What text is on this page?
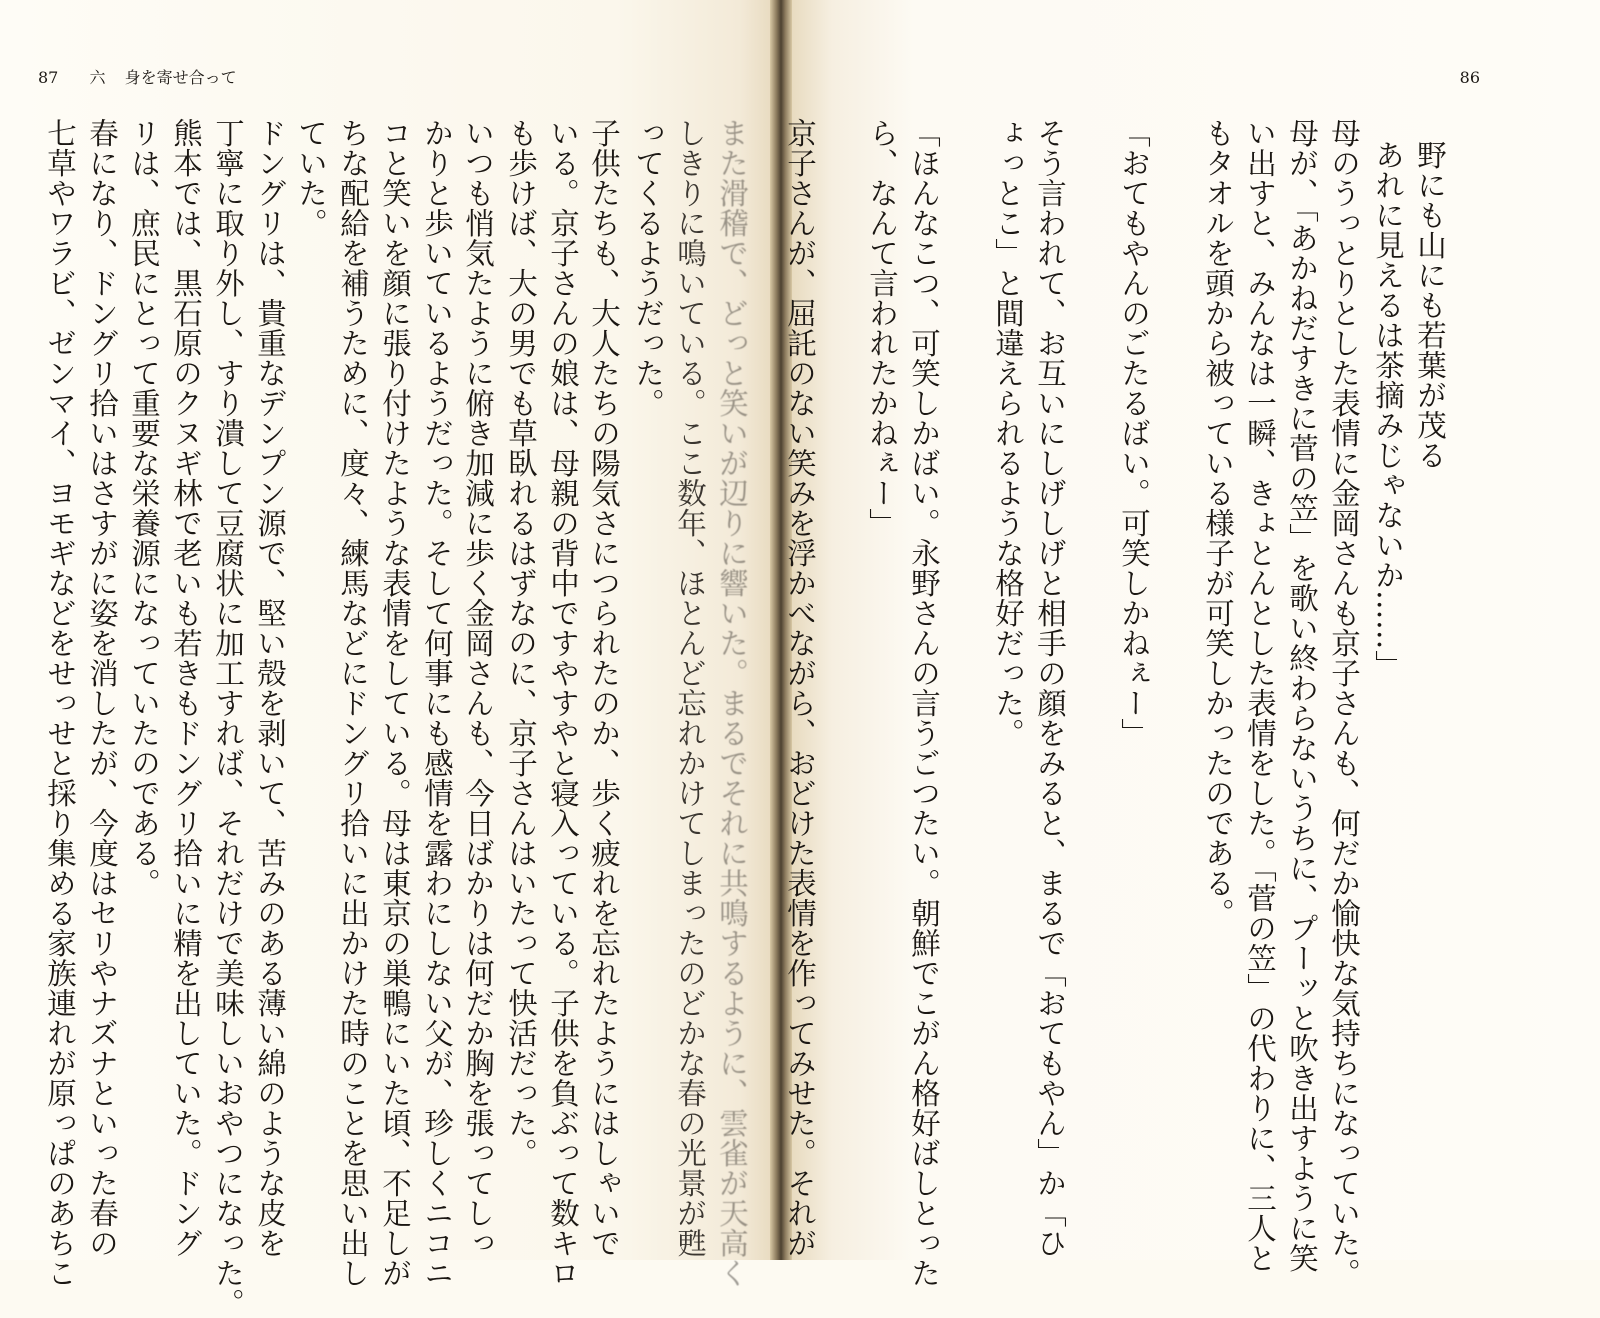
87 六 身を寄せ合って
また滑稽で、どっと笑いが辺りに響いた。まるでそれに共鳴するように、雲雀が天高く
しきりに鳴いている。ここ数年、ほとんど忘れかけてしまったのどかな春の光景が甦
ってくるようだった。
子供たちも、大人たちの陽気さにつられたのか、歩く疲れを忘れたようにはしゃいで
いる。京子さんの娘は、母親の背中ですやすやと寝入っている。子供を負ぶって数キロ
も歩けば、大の男でも草臥れるはずなのに、京子さんはいたって快活だった。
いつも悄気たように俯き加減に歩く金岡さんも、今日ばかりは何だか胸を張ってしっ
かりと歩いているようだった。そして何事にも感情を露わにしない父が、珍しくニコニ
コと笑いを顔に張り付けたような表情をしている。母は東京の巣鴨にいた頃、不足しが
ちな配給を補うために、度々、練馬などにドングリ拾いに出かけた時のことを思い出し
ていた。
ドングリは、貴重なデンプン源で、堅い殻を剥いて、苦みのある薄い綿のような皮を
丁寧に取り外し、すり潰して豆腐状に加工すれば、それだけで美味しいおやつになった。
熊本では、黒石原のクヌギ林で老いも若きもドングリ拾いに精を出していた。ドング
リは、庶民にとって重要な栄養源になっていたのである。
春になり、ドングリ拾いはさすがに姿を消したが、今度はセリやナズナといった春の
七草やワラビ、ゼンマイ、ヨモギなどをせっせと採り集める家族連れが原っぱのあちこ
86
野にも山にも若葉が茂る
あれに見えるは茶摘みじゃないか……」
母のうっとりとした表情に金岡さんも京子さんも、何だか愉快な気持ちになっていた。
母が、「あかねだすきに菅の笠」を歌い終わらないうちに、プーッと吹き出すように笑
い出すと、みんなは一瞬、きょとんとした表情をした。「菅の笠」の代わりに、三人と
もタオルを頭から被っている様子が可笑しかったのである。
「おてもやんのごたるばい。可笑しかねぇー」
そう言われて、お互いにしげしげと相手の顔をみると、まるで「おてもやん」か「ひ
ょっとこ」と間違えられるような格好だった。
「ほんなこつ、可笑しかばい。永野さんの言うごつたい。朝鮮でこがん格好ばしとった
ら、なんて言われたかねぇー」
京子さんが、屈託のない笑みを浮かべながら、おどけた表情を作ってみせた。それが
